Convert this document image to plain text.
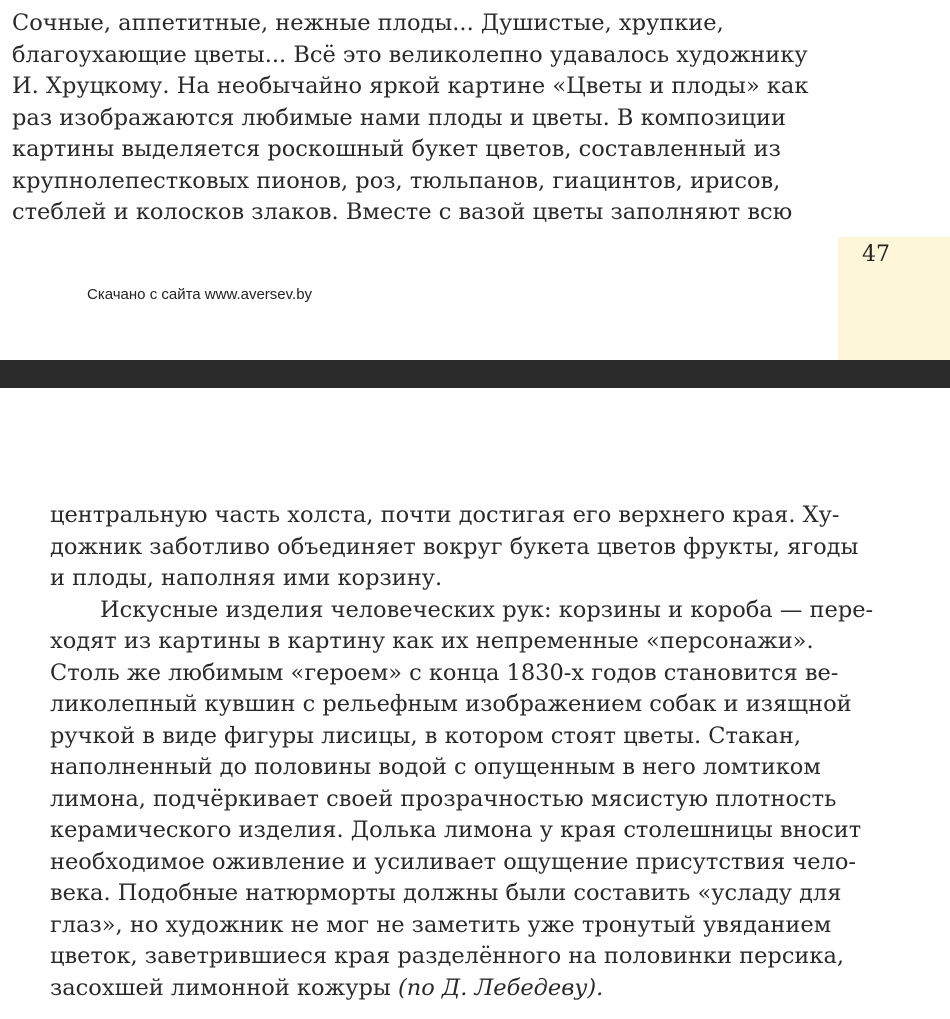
Сочные, аппетитные, нежные плоды... Душистые, хрупкие,
благоухающие цветы... Всё это великолепно удавалось художнику
И. Хруцкому. На необычайно яркой картине «Цветы и плоды» как
раз изображаются любимые нами плоды и цветы. В композиции
картины выделяется роскошный букет цветов, составленный из
крупнолепестковых пионов, роз, тюльпанов, гиацинтов, ирисов,
стеблей и колосков злаков. Вместе с вазой цветы заполняют всю

47
Скачано с сайта www.aversev.by

центральную часть холста, почти достигая его верхнего края. Ху-
дожник заботливо объединяет вокруг букета цветов фрукты, ягоды
и плоды, наполняя ими корзину.
Искусные изделия человеческих рук: корзины и короба — пере-
ходят из картины в картину как их непременные «персонажи».
Столь же любимым «героем» с конца 1830-х годов становится ве-
ликолепный кувшин с рельефным изображением собак и изящной
ручкой в виде фигуры лисицы, в котором стоят цветы. Стакан,
наполненный до половины водой с опущенным в него ломтиком
лимона, подчёркивает своей прозрачностью мясистую плотность
керамического изделия. Долька лимона у края столешницы вносит
необходимое оживление и усиливает ощущение присутствия чело-
века. Подобные натюрморты должны были составить «усладу для
глаз», но художник не мог не заметить уже тронутый увяданием
цветок, заветрившиеся края разделённого на половинки персика,
засохшей лимонной кожуры (по Д. Лебедеву).
